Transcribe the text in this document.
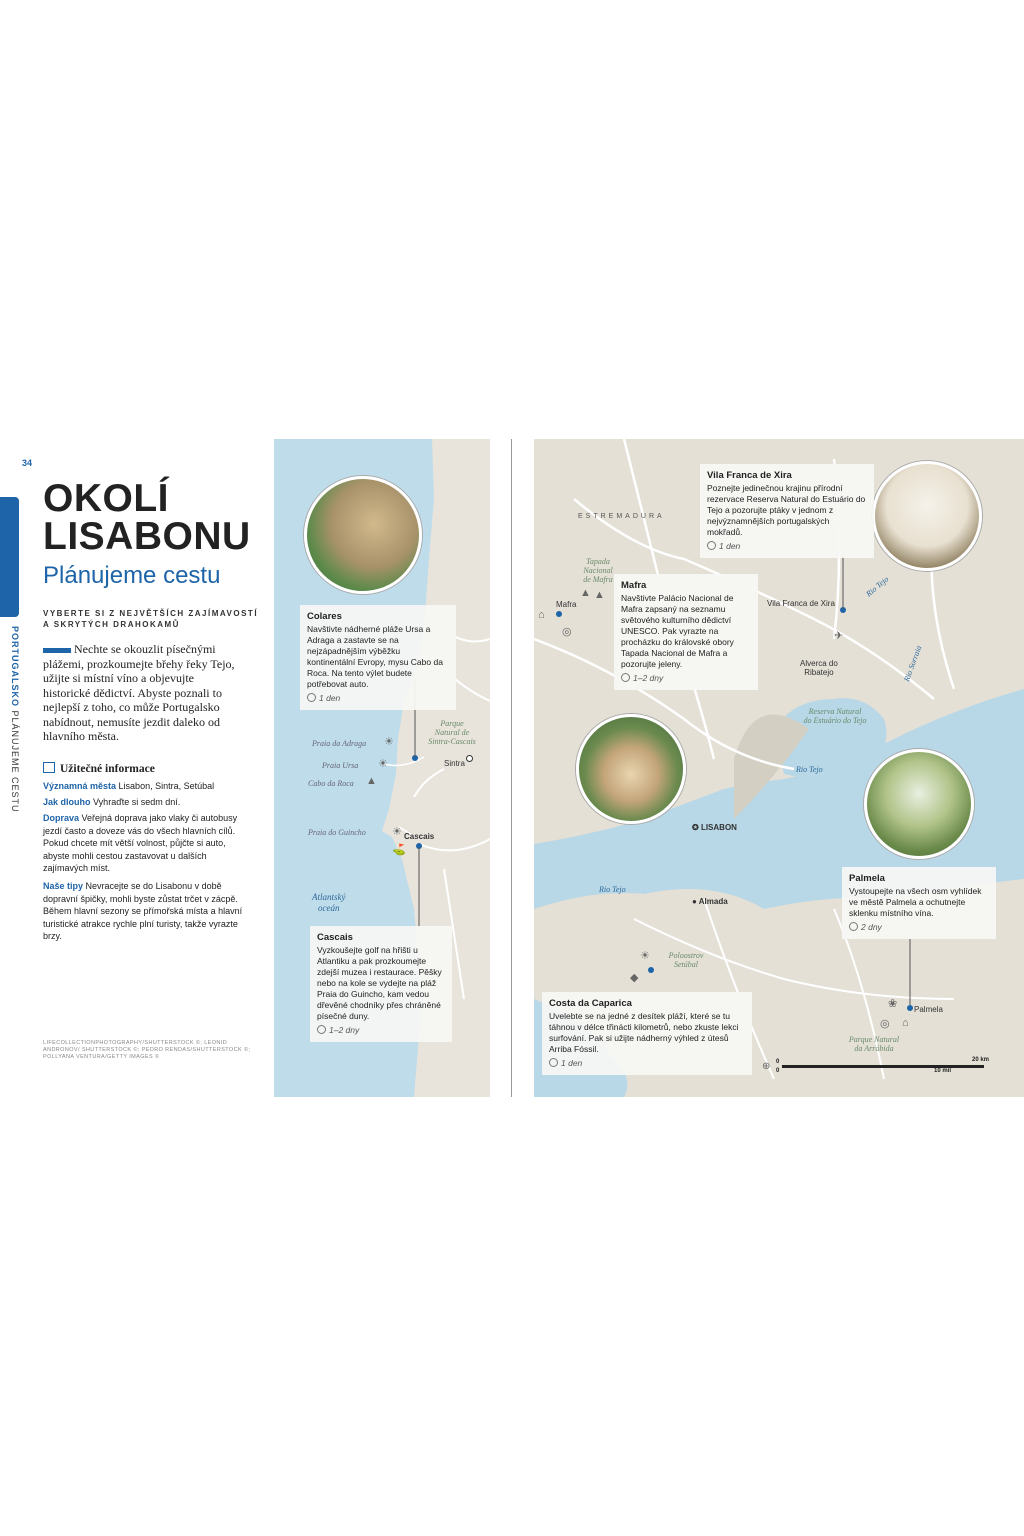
34
PORTUGALSKO PLÁNUJEME CESTU
OKOLÍ
LISABONU
Plánujeme cestu
VYBERTE SI Z NEJVĚTŠÍCH ZAJÍMAVOSTÍ
A SKRYTÝCH DRAHOKAMŮ
Nechte se okouzlit písečnými plážemi, prozkoumejte břehy řeky Tejo, užijte si místní víno a objevujte historické dědictví. Abyste poznali to nejlepší z toho, co může Portugalsko nabídnout, nemusíte jezdit daleko od hlavního města.
Užitečné informace
Významná města Lisabon, Sintra, Setúbal
Jak dlouho Vyhraďte si sedm dní.
Doprava Veřejná doprava jako vlaky či autobusy jezdí často a doveze vás do všech hlavních cílů. Pokud chcete mít větší volnost, půjčte si auto, abyste mohli cestou zastavovat u dalších zajímavých míst.
Naše tipy Nevracejte se do Lisabonu v době dopravní špičky, mohli byste zůstat trčet v zácpě. Během hlavní sezony se přímořská místa a hlavní turistické atrakce rychle plní turisty, takže vyrazte brzy.
LIFECOLLECTIONPHOTOGRAPHY/SHUTTERSTOCK ©; LEONID ANDRONOV/ SHUTTERSTOCK ©; PEDRO RENDAS/SHUTTERSTOCK ©; POLLYANA VENTURA/GETTY IMAGES ©
Praia da Adraga
Praia Ursa
Cabo da Roca
Praia do Guincho
☀
☀
▲
☀
⛳
Parque
Natural de
Sintra-Cascais
Sintra
Cascais
Atlantský
oceán
Colares
Navštivte nádherné pláže Ursa a Adraga a zastavte se na nejzápadnějším výběžku kontinentální Evropy, mysu Cabo da Roca. Na tento výlet budete potřebovat auto.
1 den
Cascais
Vyzkoušejte golf na hřišti u Atlantiku a pak prozkoumejte zdejší muzea i restaurace. Pěšky nebo na kole se vydejte na pláž Praia do Guincho, kam vedou dřevěné chodníky přes chráněné písečné duny.
1–2 dny
ESTREMADURA
Tapada
Nacional
de Mafra
▲ ▲
Mafra
⌂
◎
Vila Franca de Xira
✈
Alverca do
Ribatejo
Rio Tejo
Rio Sorraia
Reserva Natural
do Estuário do Tejo
Rio Tejo
✪ LISABON
● Almada
Rio Tejo
Poloostrov
Setúbal
☀
◆
❀ Palmela
◎ ⌂
Parque Natural
da Arrábida
Mafra
Navštivte Palácio Nacional de Mafra zapsaný na seznamu světového kulturního dědictví UNESCO. Pak vyrazte na procházku do královské obory Tapada Nacional de Mafra a pozorujte jeleny.
1–2 dny
Vila Franca de Xira
Poznejte jedinečnou krajinu přírodní rezervace Reserva Natural do Estuário do Tejo a pozorujte ptáky v jednom z nejvýznamnějších portugalských mokřadů.
1 den
Palmela
Vystoupejte na všech osm vyhlídek ve městě Palmela a ochutnejte sklenku místního vína.
2 dny
Costa da Caparica
Uvelebte se na jedné z desítek pláží, které se tu táhnou v délce třinácti kilometrů, nebo zkuste lekci surfování. Pak si užijte nádherný výhled z útesů Arriba Fóssil.
1 den	⊕ 0
0
20 km
10 mil
